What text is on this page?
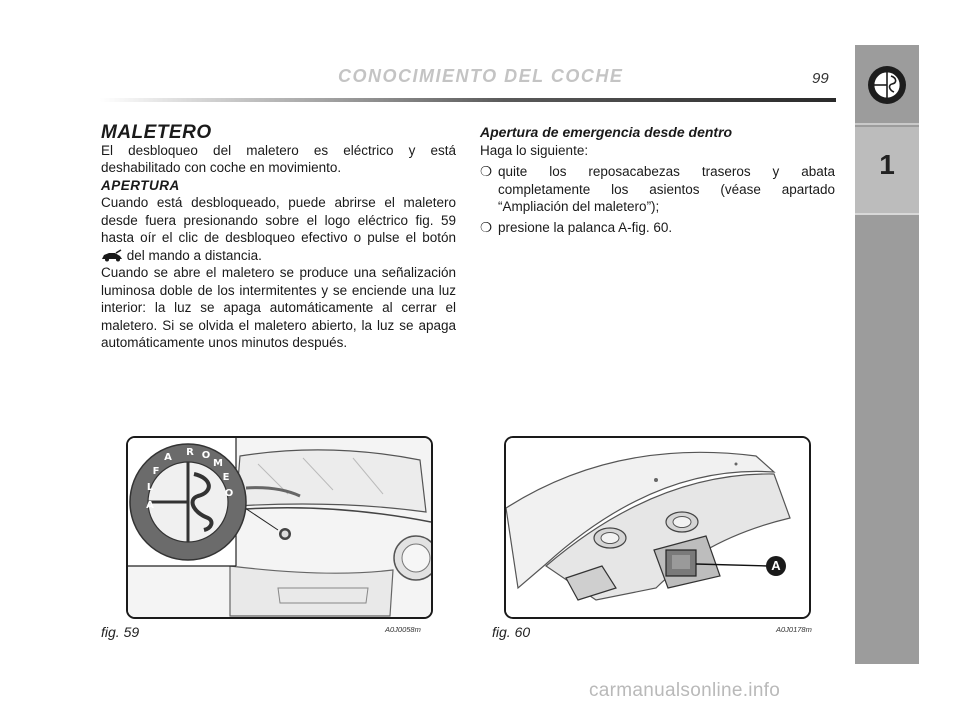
CONOCIMIENTO DEL COCHE	99
1

MALETERO

El desbloqueo del maletero es eléctrico y está deshabilitado con coche en movimiento.

APERTURA

Cuando está desbloqueado, puede abrirse el maletero desde fuera presionando sobre el logo eléctrico fig. 59 hasta oír el clic de desbloqueo efectivo o pulse el botón  del mando a distancia.

Cuando se abre el maletero se produce una señalización luminosa doble de los intermitentes y se enciende una luz interior: la luz se apaga automáticamente al cerrar el maletero. Si se olvida el maletero abierto, la luz se apaga automáticamente unos minutos después.

Apertura de emergencia desde dentro

Haga lo siguiente:

❍ quite los reposacabezas traseros y abata completamente los asientos (véase apartado “Ampliación del maletero”);
❍ presione la palanca A-fig. 60.
A
L
F
A R O
M
E
O
fig. 59	A0J0058m
A
fig. 60	A0J0178m
carmanualsonline.info
